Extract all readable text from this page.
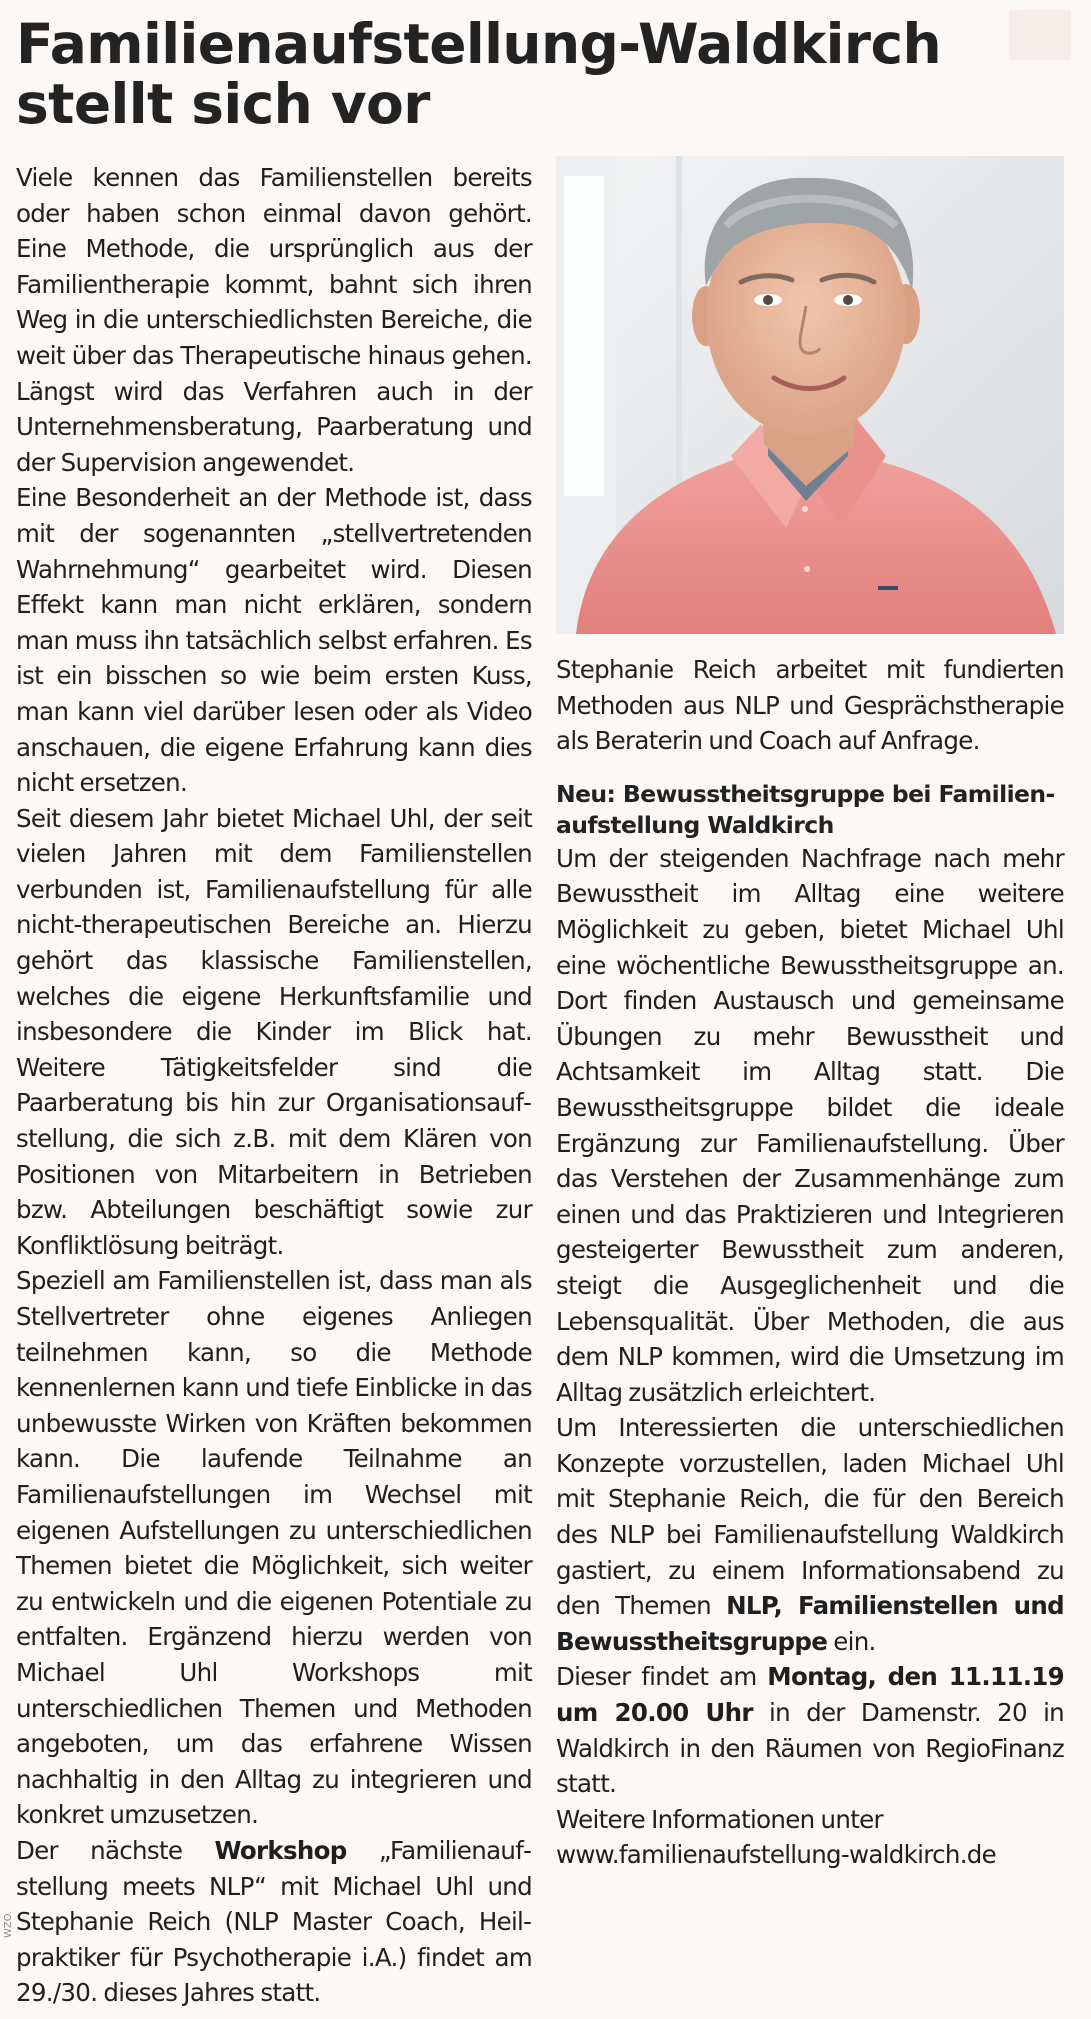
Familienaufstellung-Waldkirch stellt sich vor

Viele kennen das Familienstellen bereits oder haben schon einmal davon gehört. Eine Methode, die ursprünglich aus der Familientherapie kommt, bahnt sich ihren Weg in die unterschiedlichsten Bereiche, die weit über das Therapeutische hinaus gehen. Längst wird das Verfahren auch in der Unternehmensberatung, Paarberatung und der Supervision angewendet.

Eine Besonderheit an der Methode ist, dass mit der sogenannten „stellvertretenden Wahrnehmung“ gearbeitet wird. Diesen Effekt kann man nicht erklären, sondern man muss ihn tatsächlich selbst erfahren. Es ist ein bisschen so wie beim ersten Kuss, man kann viel darüber lesen oder als Video anschauen, die eigene Erfahrung kann dies nicht ersetzen.

Seit diesem Jahr bietet Michael Uhl, der seit vielen Jahren mit dem Familienstellen verbunden ist, Familienaufstellung für alle nicht-therapeutischen Bereiche an. Hierzu gehört das klassische Familienstellen, welches die eigene Herkunftsfamilie und insbesondere die Kinder im Blick hat. Weitere Tätigkeitsfelder sind die Paarberatung bis hin zur Organisationsaufstellung, die sich z.B. mit dem Klären von Positionen von Mitarbeitern in Betrieben bzw. Abteilungen beschäftigt sowie zur Konfliktlösung beiträgt.

Speziell am Familienstellen ist, dass man als Stellvertreter ohne eigenes Anliegen teilnehmen kann, so die Methode kennenlernen kann und tiefe Einblicke in das unbewusste Wirken von Kräften bekommen kann. Die laufende Teilnahme an Familienaufstellungen im Wechsel mit eigenen Aufstellungen zu unterschiedlichen Themen bietet die Möglichkeit, sich weiter zu entwickeln und die eigenen Potentiale zu entfalten. Ergänzend hierzu werden von Michael Uhl Workshops mit unterschiedlichen Themen und Methoden angeboten, um das erfahrene Wissen nachhaltig in den Alltag zu integrieren und konkret umzusetzen.

Der nächste Workshop „Familienaufstellung meets NLP“ mit Michael Uhl und Stephanie Reich (NLP Master Coach, Heilpraktiker für Psychotherapie i.A.) findet am 29./30. dieses Jahres statt.

Stephanie Reich arbeitet mit fundierten Methoden aus NLP und Gesprächstherapie als Beraterin und Coach auf Anfrage.

Neu: Bewusstheitsgruppe bei Familienaufstellung Waldkirch

Um der steigenden Nachfrage nach mehr Bewusstheit im Alltag eine weitere Möglichkeit zu geben, bietet Michael Uhl eine wöchentliche Bewusstheitsgruppe an. Dort finden Austausch und gemeinsame Übungen zu mehr Bewusstheit und Achtsamkeit im Alltag statt. Die Bewusstheitsgruppe bildet die ideale Ergänzung zur Familienaufstellung. Über das Verstehen der Zusammenhänge zum einen und das Praktizieren und Integrieren gesteigerter Bewusstheit zum anderen, steigt die Ausgeglichenheit und die Lebensqualität. Über Methoden, die aus dem NLP kommen, wird die Umsetzung im Alltag zusätzlich erleichtert.

Um Interessierten die unterschiedlichen Konzepte vorzustellen, laden Michael Uhl mit Stephanie Reich, die für den Bereich des NLP bei Familienaufstellung Waldkirch gastiert, zu einem Informationsabend zu den Themen NLP, Familienstellen und Bewusstheitsgruppe ein.

Dieser findet am Montag, den 11.11.19 um 20.00 Uhr in der Damenstr. 20 in Waldkirch in den Räumen von RegioFinanz statt.

Weitere Informationen unter

www.familienaufstellung-waldkirch.de

WZO
